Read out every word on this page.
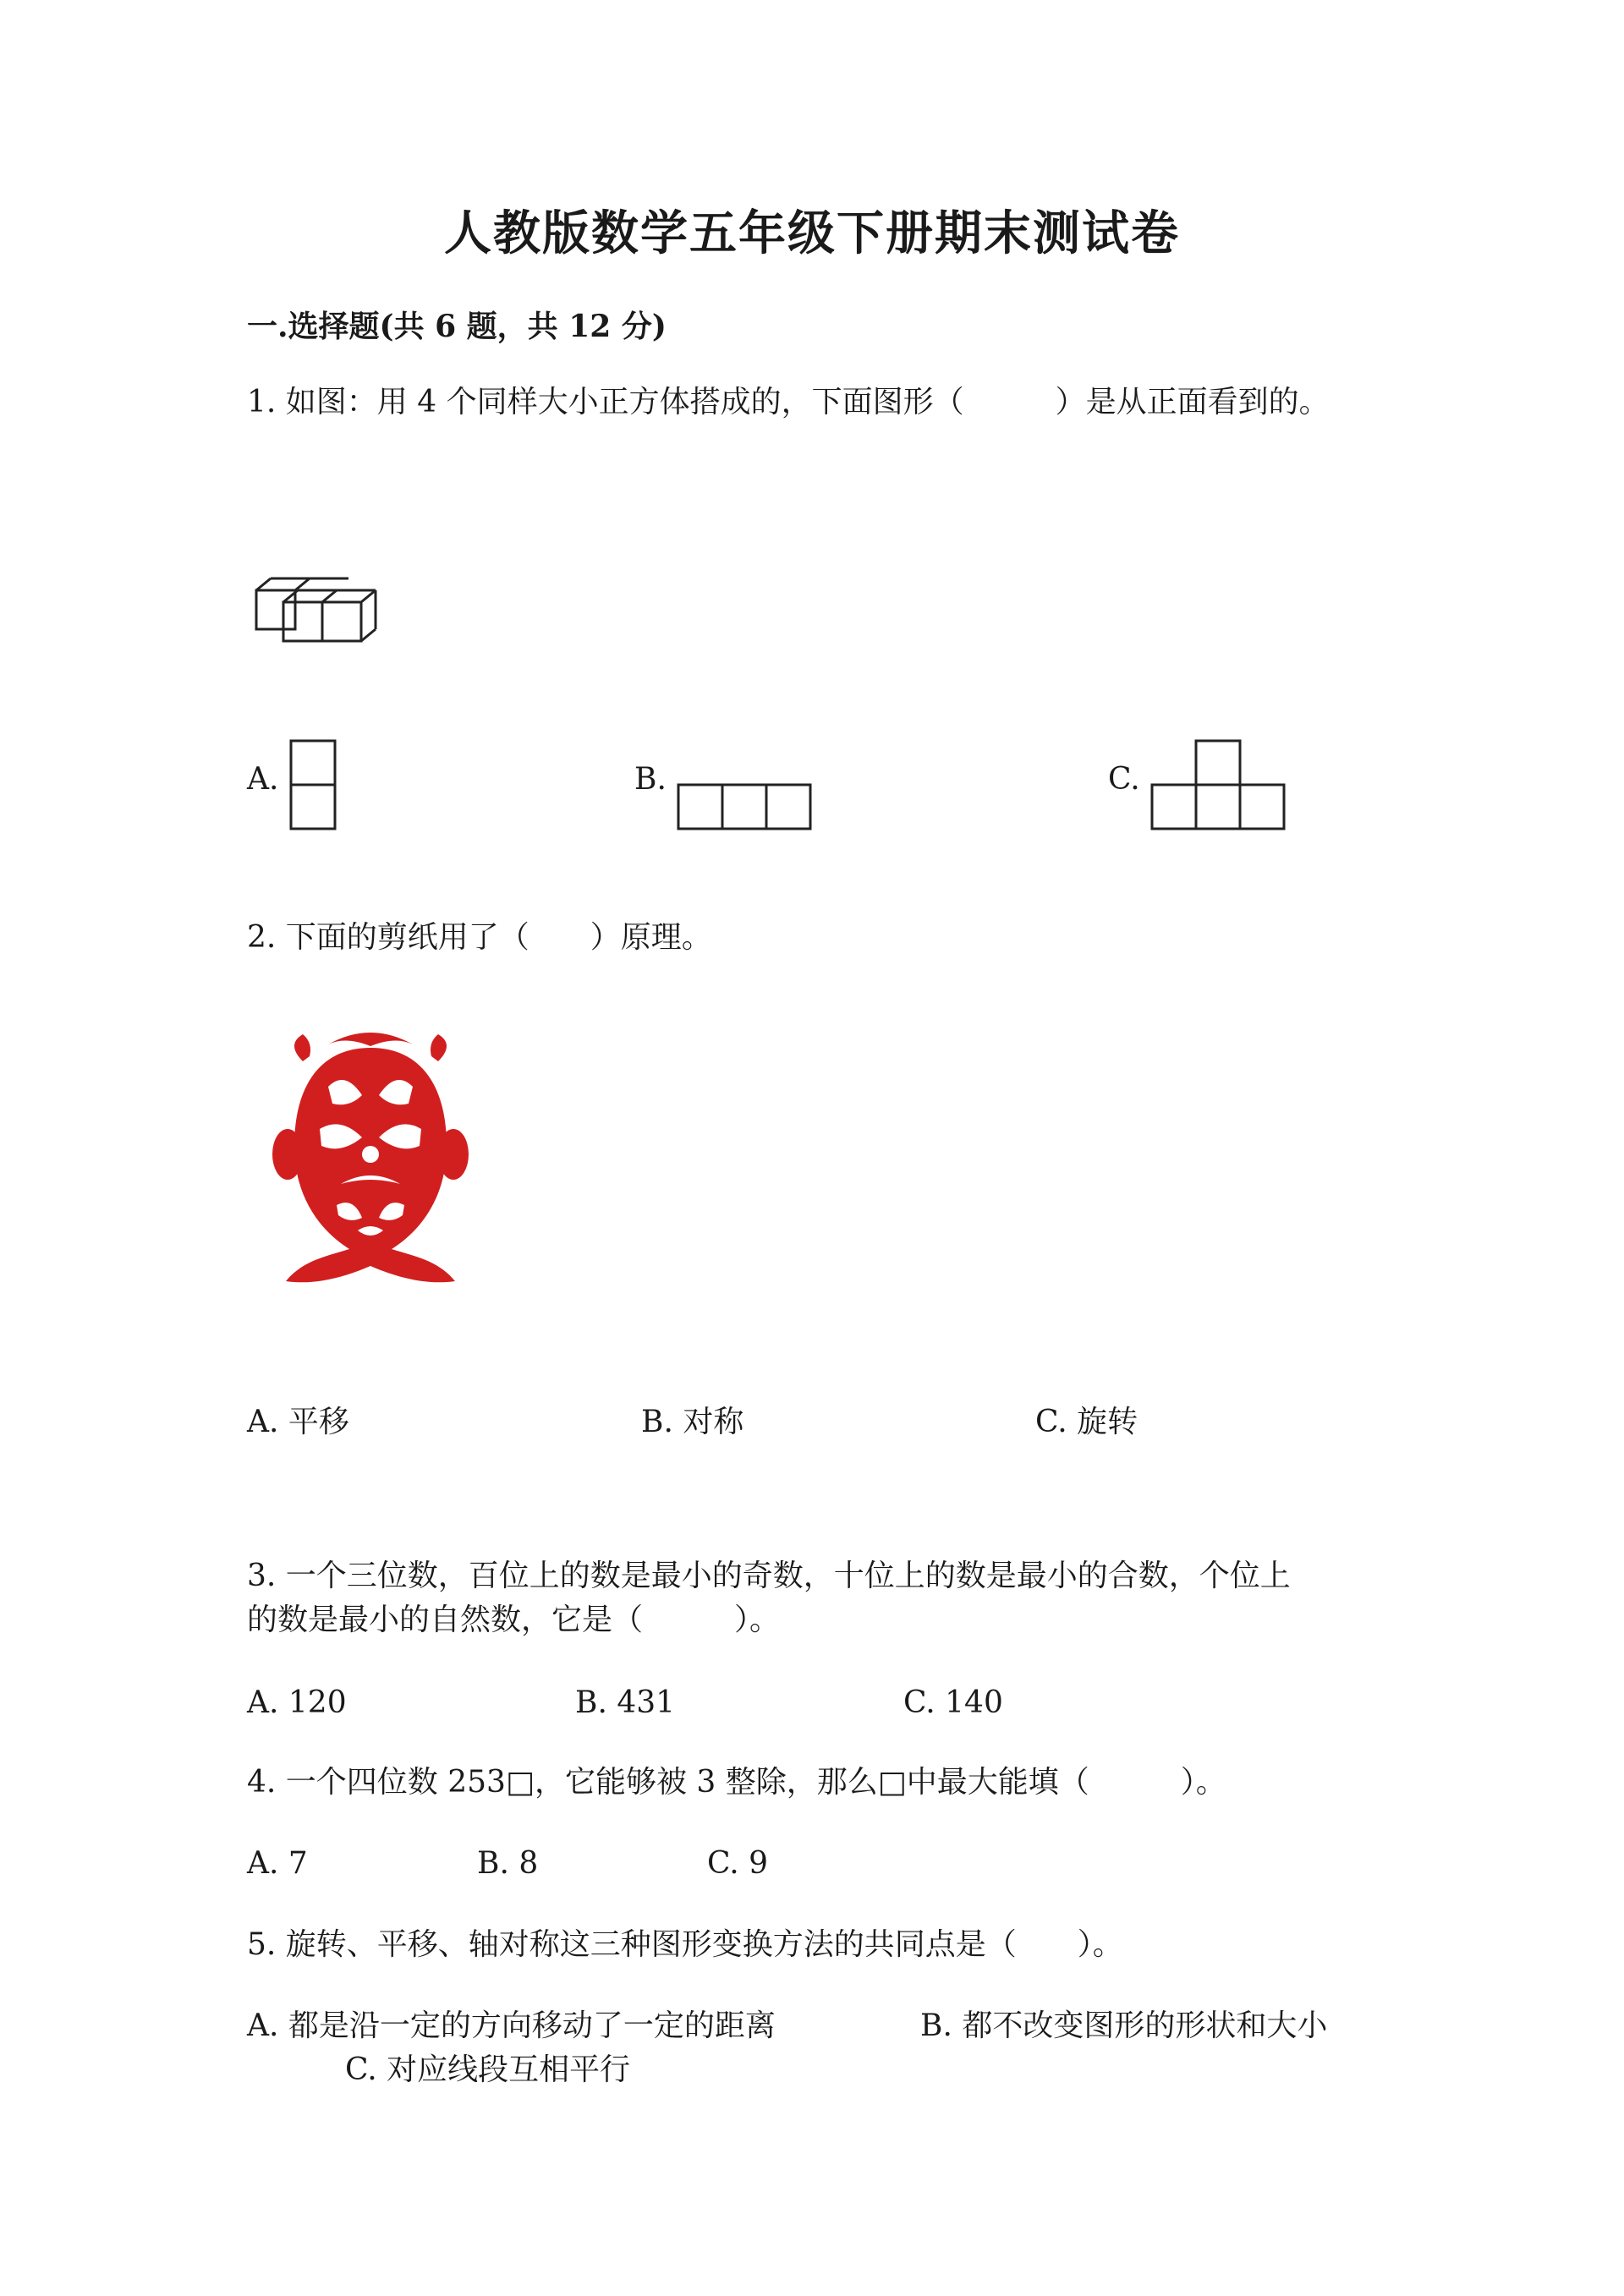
人教版数学五年级下册期末测试卷
一.选择题(共 6 题，共 12 分)
1. 如图：用 4 个同样大小正方体搭成的，下面图形（　　　）是从正面看到的。
A.	B.	C.
2. 下面的剪纸用了（　　）原理。
A. 平移	B. 对称	C. 旋转
3. 一个三位数，百位上的数是最小的奇数，十位上的数是最小的合数，个位上
的数是最小的自然数，它是（　　　）。
A. 120	B. 431	C. 140
4. 一个四位数 253□，它能够被 3 整除，那么□中最大能填（　　　）。
A. 7	B. 8	C. 9
5. 旋转、平移、轴对称这三种图形变换方法的共同点是（　　）。
A. 都是沿一定的方向移动了一定的距离	B. 都不改变图形的形状和大小
C. 对应线段互相平行
